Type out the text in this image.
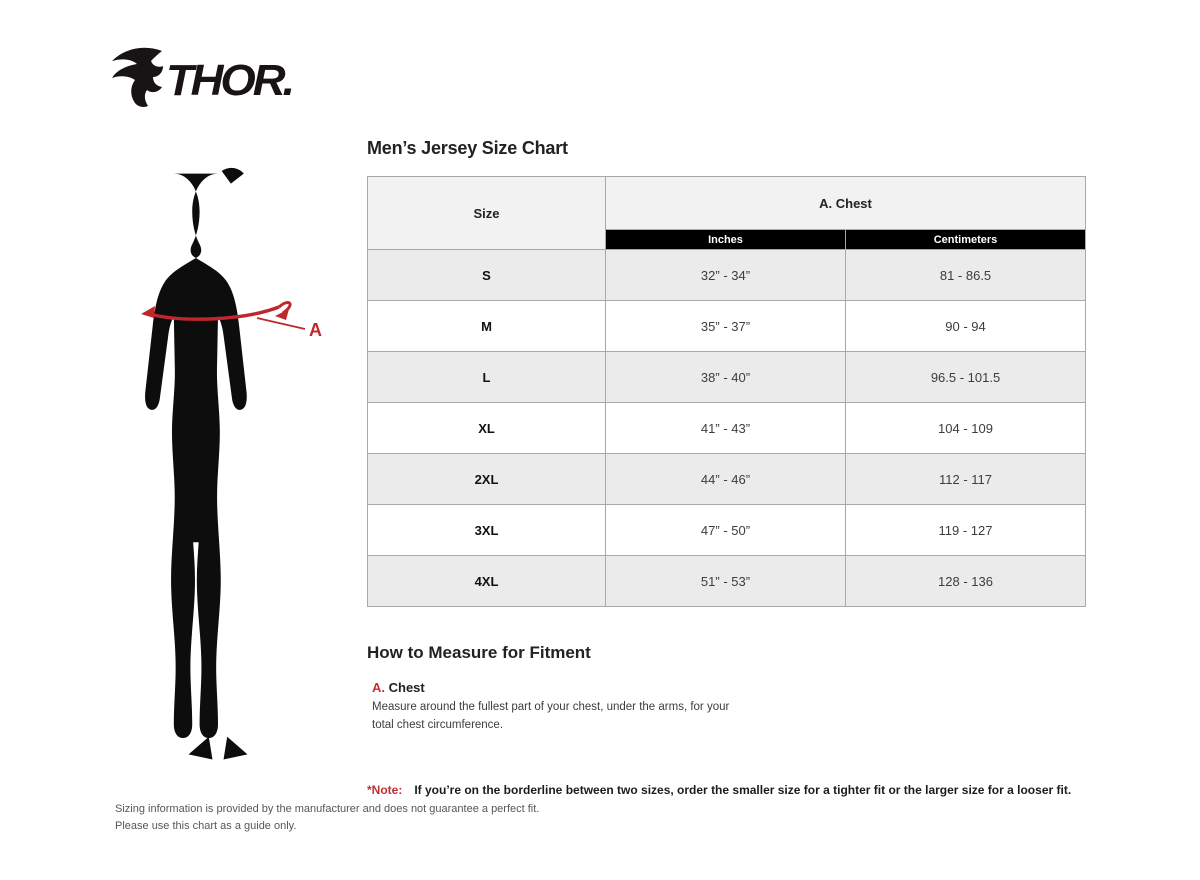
THOR.
A
Men’s Jersey Size Chart
Size	A. Chest	
	Inches	Centimeters
S	32” - 34”	81 - 86.5
M	35” - 37”	90 - 94
L	38” - 40”	96.5 - 101.5
XL	41” - 43”	104 - 109
2XL	44” - 46”	112 - 117
3XL	47” - 50”	119 - 127
4XL	51” - 53”	128 - 136
How to Measure for Fitment
A. Chest
Measure around the fullest part of your chest, under the arms, for your total chest circumference.
*Note: If you’re on the borderline between two sizes, order the smaller size for a tighter fit or the larger size for a looser fit.
Sizing information is provided by the manufacturer and does not guarantee a perfect fit.
Please use this chart as a guide only.
